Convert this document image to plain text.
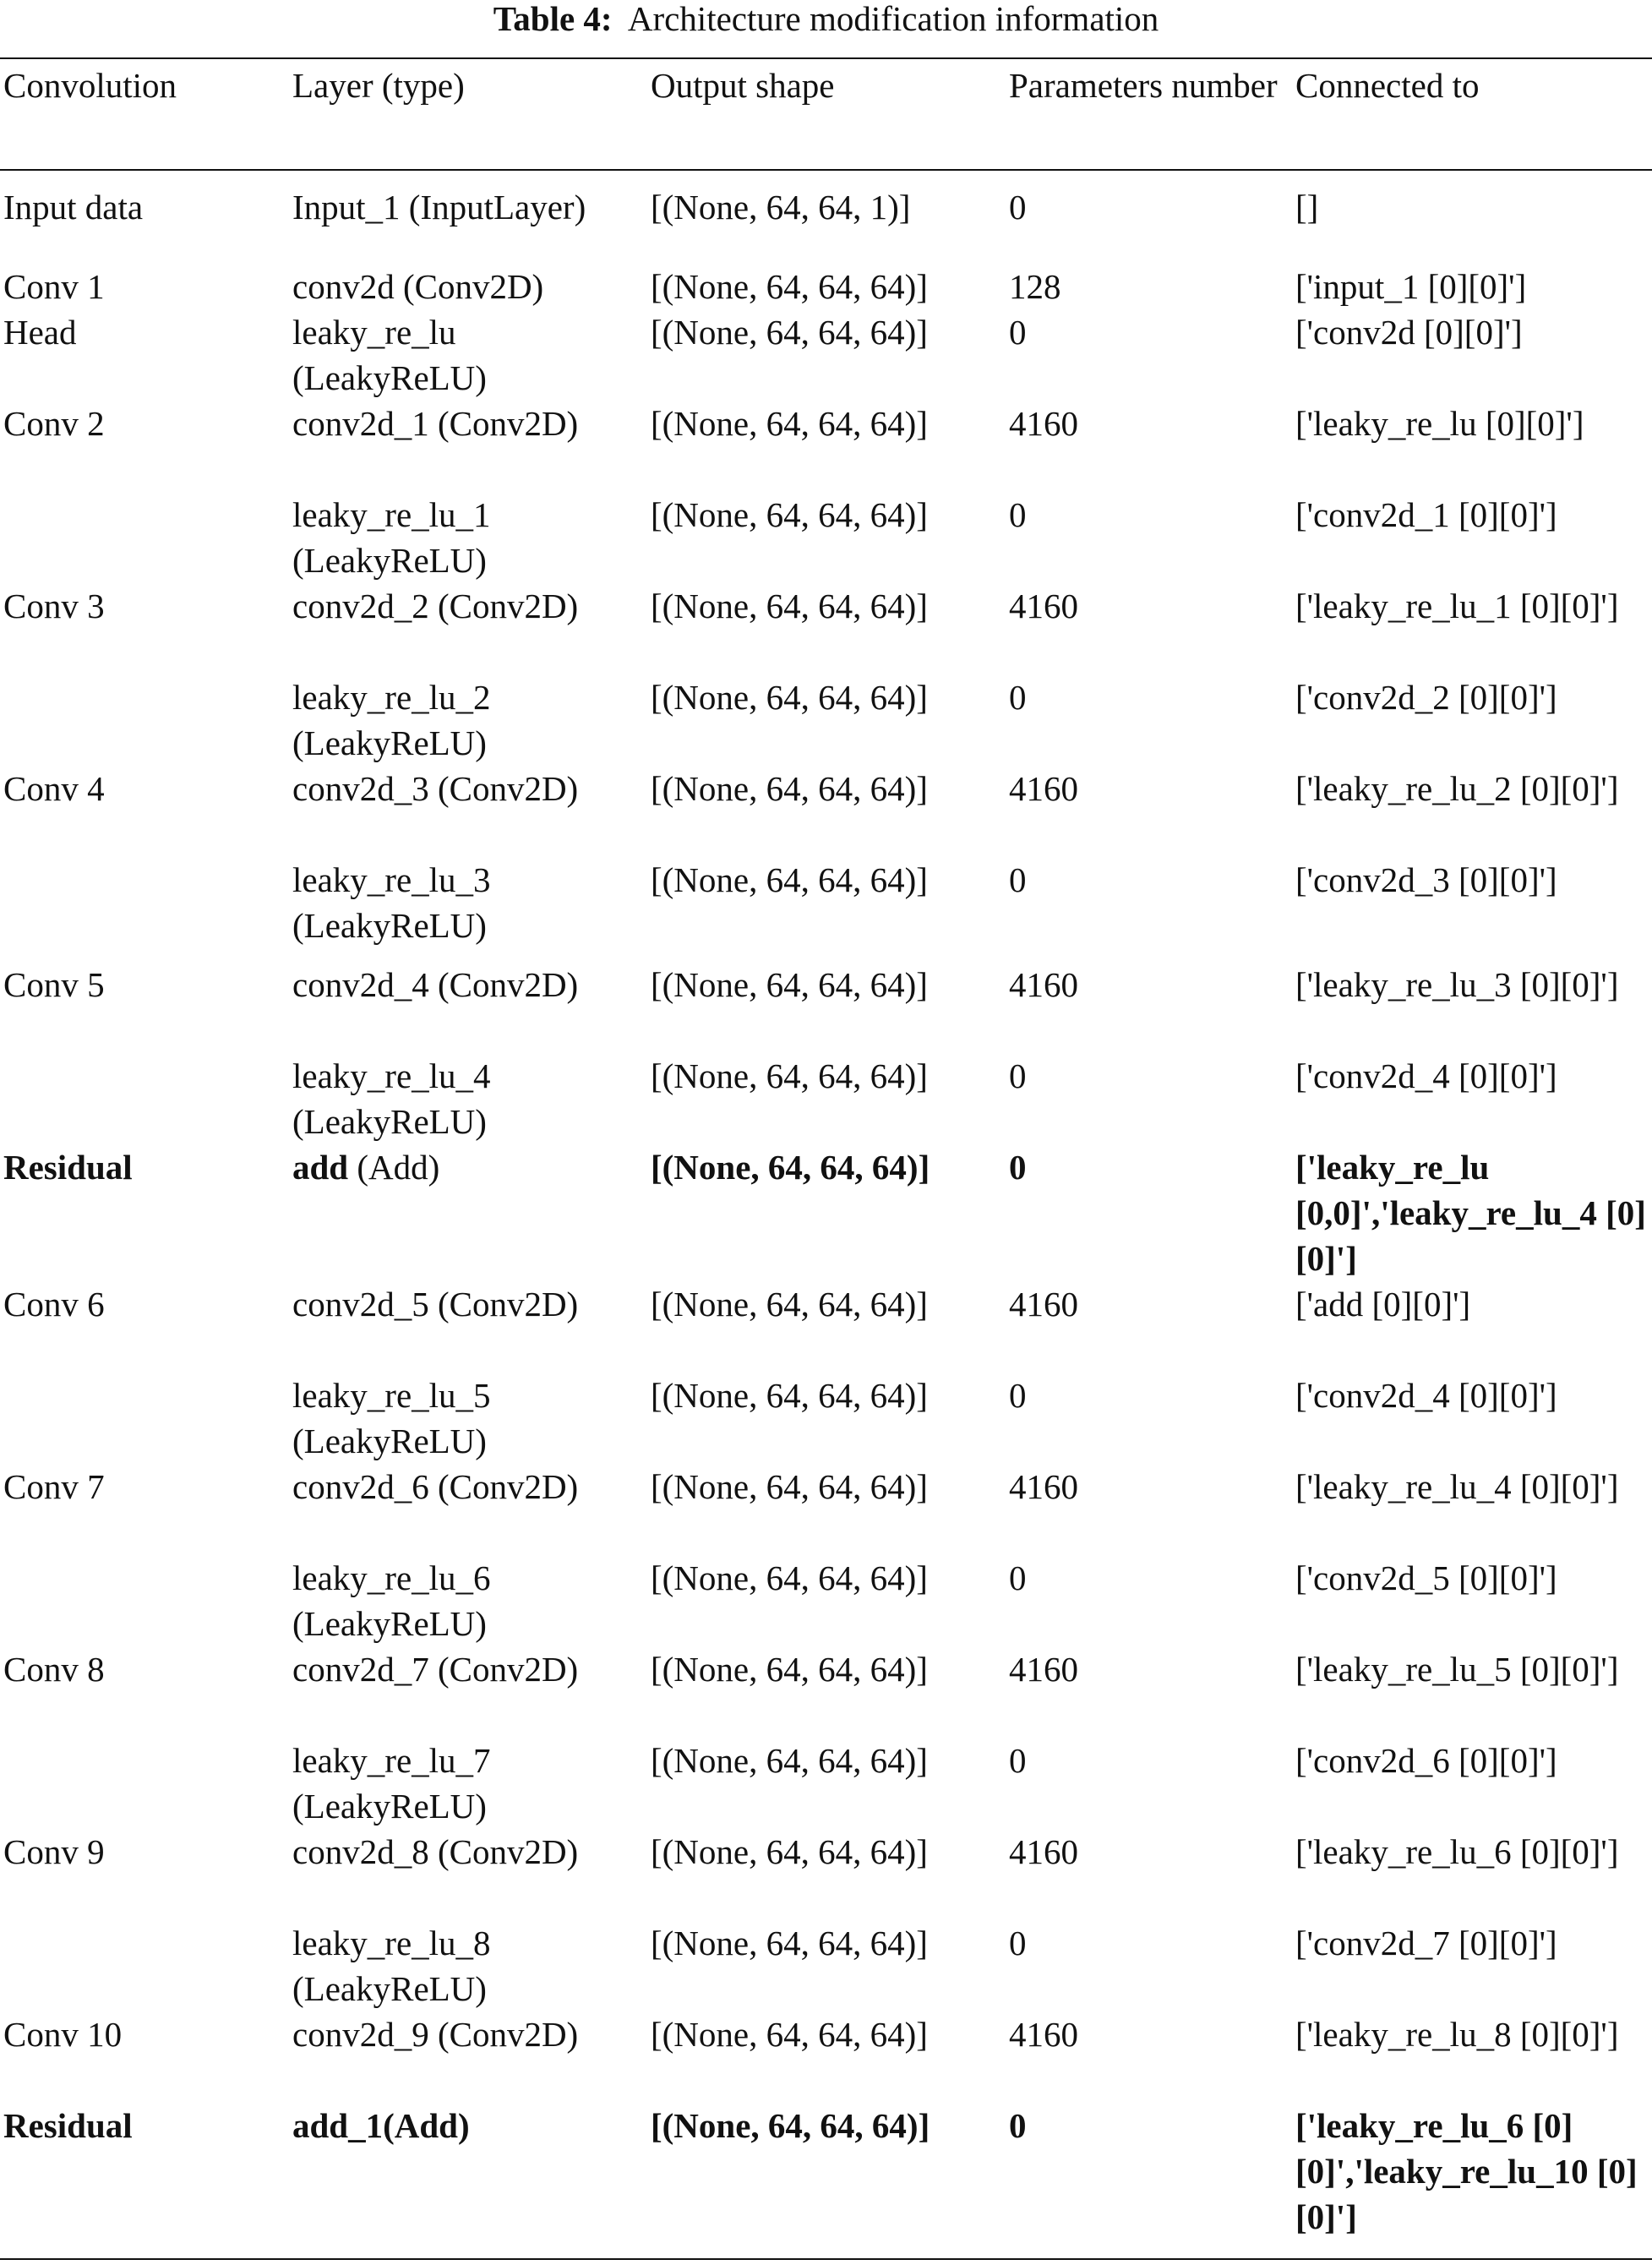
Table 4: Architecture modification information
Convolution	Layer (type)	Output shape	Parameters number	Connected to
Input data	Input_1 (InputLayer)	[(None, 64, 64, 1)]	0	[]
Conv 1	conv2d (Conv2D)	[(None, 64, 64, 64)]	128	['input_1 [0][0]']
Head	leaky_re_lu (LeakyReLU)	[(None, 64, 64, 64)]	0	['conv2d [0][0]']
Conv 2	conv2d_1 (Conv2D)	[(None, 64, 64, 64)]	4160	['leaky_re_lu [0][0]']
	leaky_re_lu_1 (LeakyReLU)	[(None, 64, 64, 64)]	0	['conv2d_1 [0][0]']
Conv 3	conv2d_2 (Conv2D)	[(None, 64, 64, 64)]	4160	['leaky_re_lu_1 [0][0]']
	leaky_re_lu_2 (LeakyReLU)	[(None, 64, 64, 64)]	0	['conv2d_2 [0][0]']
Conv 4	conv2d_3 (Conv2D)	[(None, 64, 64, 64)]	4160	['leaky_re_lu_2 [0][0]']
	leaky_re_lu_3 (LeakyReLU)	[(None, 64, 64, 64)]	0	['conv2d_3 [0][0]']
Conv 5	conv2d_4 (Conv2D)	[(None, 64, 64, 64)]	4160	['leaky_re_lu_3 [0][0]']
	leaky_re_lu_4 (LeakyReLU)	[(None, 64, 64, 64)]	0	['conv2d_4 [0][0]']
Residual	add (Add)	[(None, 64, 64, 64)]	0	['leaky_re_lu [0,0]','leaky_re_lu_4 [0][0]']
Conv 6	conv2d_5 (Conv2D)	[(None, 64, 64, 64)]	4160	['add [0][0]']
	leaky_re_lu_5 (LeakyReLU)	[(None, 64, 64, 64)]	0	['conv2d_4 [0][0]']
Conv 7	conv2d_6 (Conv2D)	[(None, 64, 64, 64)]	4160	['leaky_re_lu_4 [0][0]']
	leaky_re_lu_6 (LeakyReLU)	[(None, 64, 64, 64)]	0	['conv2d_5 [0][0]']
Conv 8	conv2d_7 (Conv2D)	[(None, 64, 64, 64)]	4160	['leaky_re_lu_5 [0][0]']
	leaky_re_lu_7 (LeakyReLU)	[(None, 64, 64, 64)]	0	['conv2d_6 [0][0]']
Conv 9	conv2d_8 (Conv2D)	[(None, 64, 64, 64)]	4160	['leaky_re_lu_6 [0][0]']
	leaky_re_lu_8 (LeakyReLU)	[(None, 64, 64, 64)]	0	['conv2d_7 [0][0]']
Conv 10	conv2d_9 (Conv2D)	[(None, 64, 64, 64)]	4160	['leaky_re_lu_8 [0][0]']
Residual	add_1(Add)	[(None, 64, 64, 64)]	0	['leaky_re_lu_6 [0][0]','leaky_re_lu_10 [0][0]']
